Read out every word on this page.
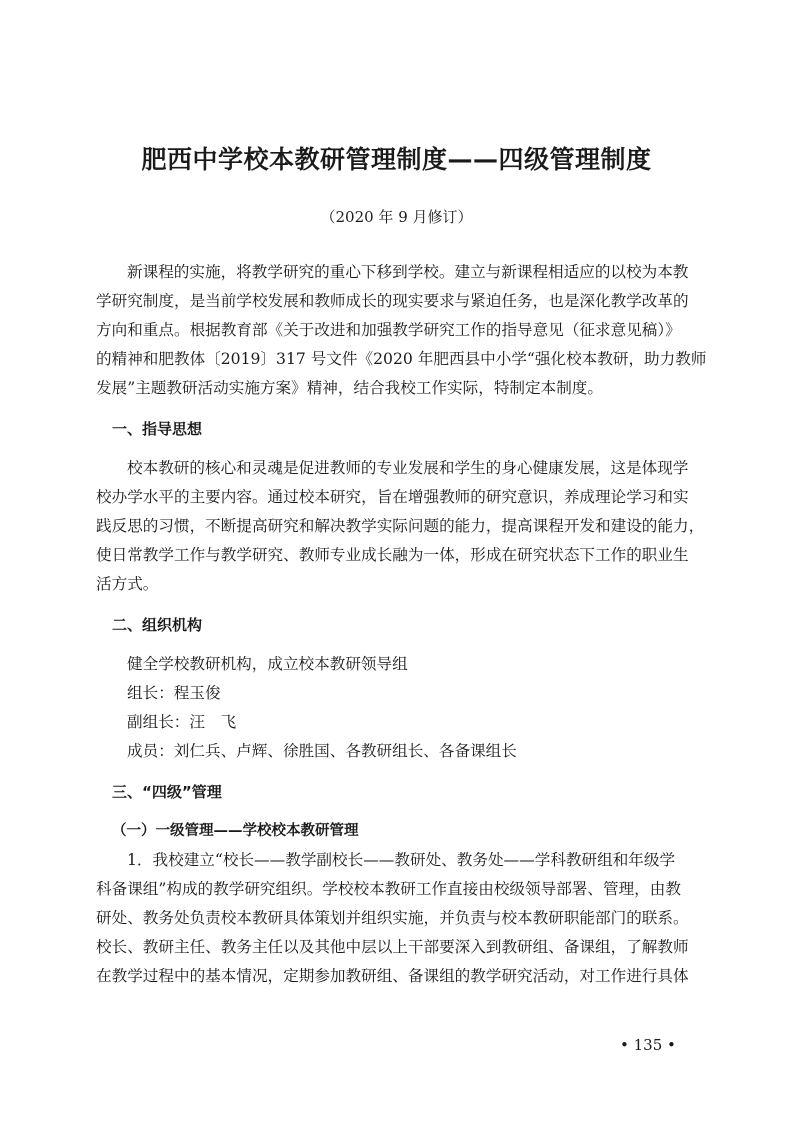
肥西中学校本教研管理制度——四级管理制度

（2020 年 9 月修订）

新课程的实施，将教学研究的重心下移到学校。建立与新课程相适应的以校为本教
学研究制度，是当前学校发展和教师成长的现实要求与紧迫任务，也是深化教学改革的
方向和重点。根据教育部《关于改进和加强教学研究工作的指导意见（征求意见稿）》
的精神和肥教体〔2019〕317 号文件《2020 年肥西县中小学“强化校本教研，助力教师
发展”主题教研活动实施方案》精神，结合我校工作实际，特制定本制度。

一、指导思想

校本教研的核心和灵魂是促进教师的专业发展和学生的身心健康发展，这是体现学
校办学水平的主要内容。通过校本研究，旨在增强教师的研究意识，养成理论学习和实
践反思的习惯，不断提高研究和解决教学实际问题的能力，提高课程开发和建设的能力，
使日常教学工作与教学研究、教师专业成长融为一体，形成在研究状态下工作的职业生
活方式。

二、组织机构

健全学校教研机构，成立校本教研领导组

组长：程玉俊

副组长：汪　飞

成员：刘仁兵、卢辉、徐胜国、各教研组长、各备课组长

三、“四级”管理
（一）一级管理——学校校本教研管理

1．我校建立“校长——教学副校长——教研处、教务处——学科教研组和年级学
科备课组”构成的教学研究组织。学校校本教研工作直接由校级领导部署、管理，由教
研处、教务处负责校本教研具体策划并组织实施，并负责与校本教研职能部门的联系。
校长、教研主任、教务主任以及其他中层以上干部要深入到教研组、备课组，了解教师
在教学过程中的基本情况，定期参加教研组、备课组的教学研究活动，对工作进行具体

• 135 •
